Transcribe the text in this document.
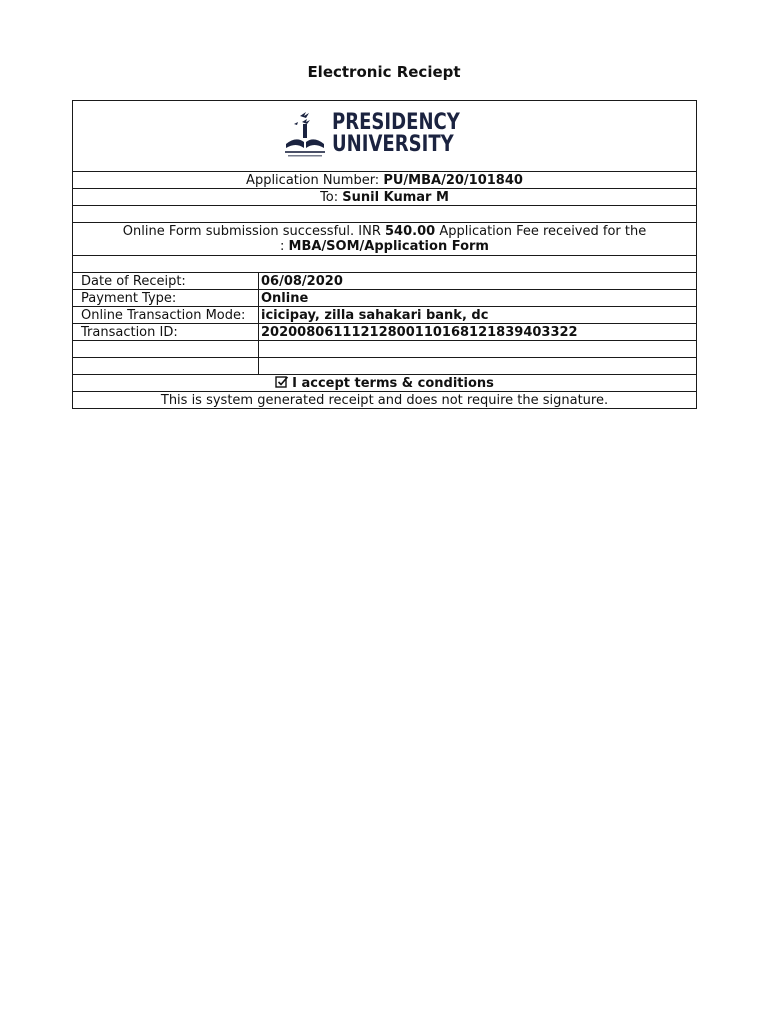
Electronic Reciept
PRESIDENCY
UNIVERSITY	

Application Number: PU/MBA/20/101840	
To: Sunil Kumar M	

Online Form submission successful. INR 540.00 Application Fee received for the
: MBA/SOM/Application Form	

Date of Receipt:	06/08/2020
Payment Type:	Online
Online Transaction Mode:	icicipay, zilla sahakari bank, dc
Transaction ID:	20200806111212800110168121839403322

I accept terms & conditions	
This is system generated receipt and does not require the signature.	
